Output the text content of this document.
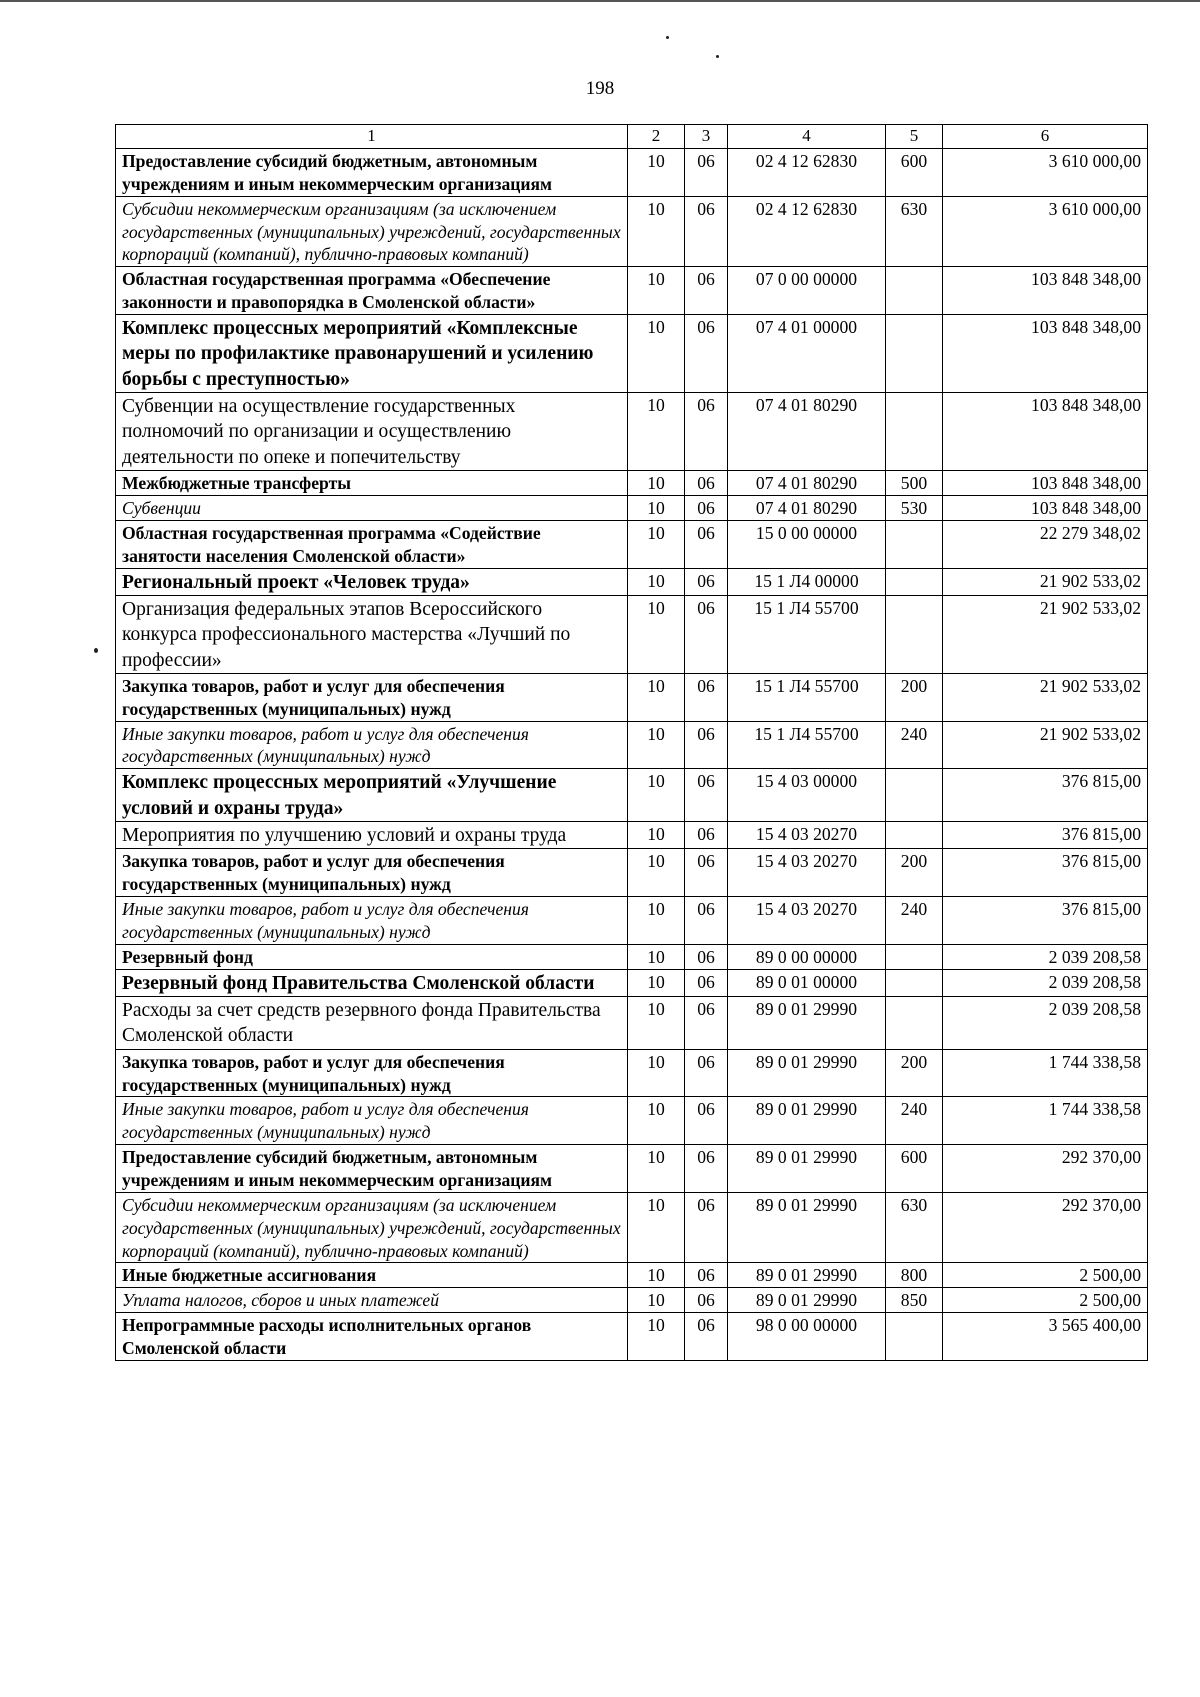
198
1	2	3	4	5	6
Предоставление субсидий бюджетным, автономным учреждениям и иным некоммерческим организациям	10	06	02 4 12 62830	600	3 610 000,00
Субсидии некоммерческим организациям (за исключением государственных (муниципальных) учреждений, государственных корпораций (компаний), публично-правовых компаний)	10	06	02 4 12 62830	630	3 610 000,00
Областная государственная программа «Обеспечение законности и правопорядка в Смоленской области»	10	06	07 0 00 00000		103 848 348,00
Комплекс процессных мероприятий «Комплексные меры по профилактике правонарушений и усилению борьбы с преступностью»	10	06	07 4 01 00000		103 848 348,00
Субвенции на осуществление государственных полномочий по организации и осуществлению деятельности по опеке и попечительству	10	06	07 4 01 80290		103 848 348,00
Межбюджетные трансферты	10	06	07 4 01 80290	500	103 848 348,00
Субвенции	10	06	07 4 01 80290	530	103 848 348,00
Областная государственная программа «Содействие занятости населения Смоленской области»	10	06	15 0 00 00000		22 279 348,02
Региональный проект «Человек труда»	10	06	15 1 Л4 00000		21 902 533,02
Организация федеральных этапов Всероссийского конкурса профессионального мастерства «Лучший по профессии»	10	06	15 1 Л4 55700		21 902 533,02
Закупка товаров, работ и услуг для обеспечения государственных (муниципальных) нужд	10	06	15 1 Л4 55700	200	21 902 533,02
Иные закупки товаров, работ и услуг для обеспечения государственных (муниципальных) нужд	10	06	15 1 Л4 55700	240	21 902 533,02
Комплекс процессных мероприятий «Улучшение условий и охраны труда»	10	06	15 4 03 00000		376 815,00
Мероприятия по улучшению условий и охраны труда	10	06	15 4 03 20270		376 815,00
Закупка товаров, работ и услуг для обеспечения государственных (муниципальных) нужд	10	06	15 4 03 20270	200	376 815,00
Иные закупки товаров, работ и услуг для обеспечения государственных (муниципальных) нужд	10	06	15 4 03 20270	240	376 815,00
Резервный фонд	10	06	89 0 00 00000		2 039 208,58
Резервный фонд Правительства Смоленской области	10	06	89 0 01 00000		2 039 208,58
Расходы за счет средств резервного фонда Правительства Смоленской области	10	06	89 0 01 29990		2 039 208,58
Закупка товаров, работ и услуг для обеспечения государственных (муниципальных) нужд	10	06	89 0 01 29990	200	1 744 338,58
Иные закупки товаров, работ и услуг для обеспечения государственных (муниципальных) нужд	10	06	89 0 01 29990	240	1 744 338,58
Предоставление субсидий бюджетным, автономным учреждениям и иным некоммерческим организациям	10	06	89 0 01 29990	600	292 370,00
Субсидии некоммерческим организациям (за исключением государственных (муниципальных) учреждений, государственных корпораций (компаний), публично-правовых компаний)	10	06	89 0 01 29990	630	292 370,00
Иные бюджетные ассигнования	10	06	89 0 01 29990	800	2 500,00
Уплата налогов, сборов и иных платежей	10	06	89 0 01 29990	850	2 500,00
Непрограммные расходы исполнительных органов Смоленской области	10	06	98 0 00 00000		3 565 400,00
